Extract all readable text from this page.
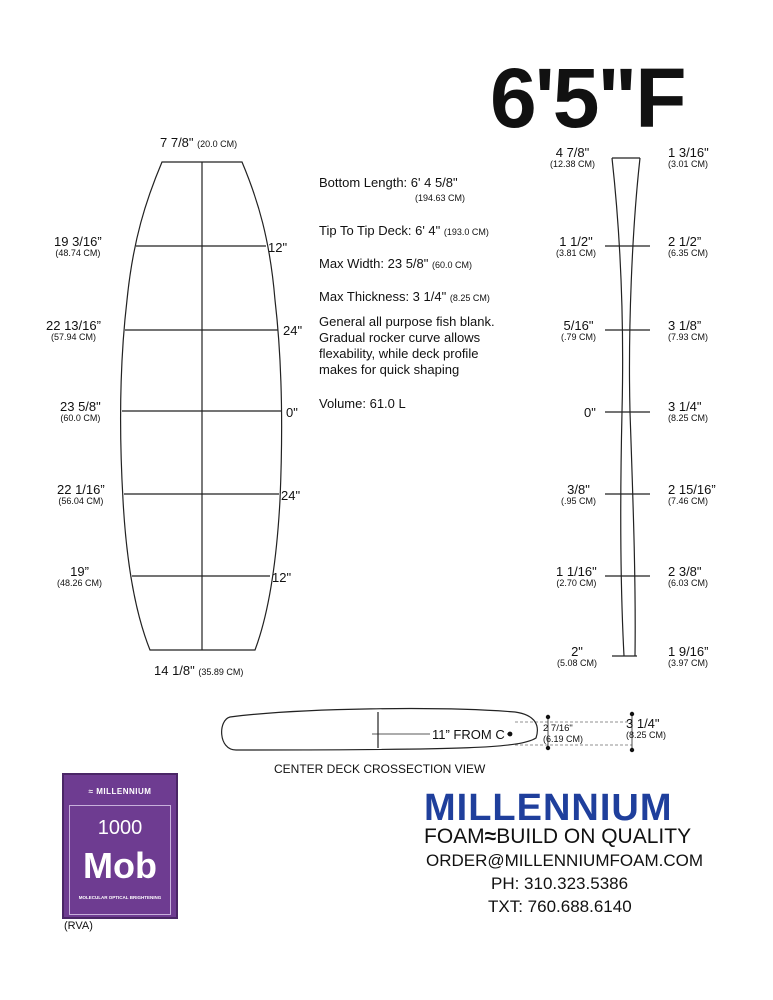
6'5"F
7 7/8" (20.0 CM)
14 1/8" (35.89 CM)
19 3/16”
(48.74 CM)	12"
22 13/16”
(57.94 CM)	24"
23 5/8"
(60.0 CM)	0"
22 1/16”
(56.04 CM)	24"
19”
(48.26 CM)	12"
Bottom Length: 6' 4 5/8"
(194.63 CM)
Tip To Tip Deck: 6' 4" (193.0 CM)
Max Width: 23 5/8" (60.0 CM)
Max Thickness: 3 1/4" (8.25 CM)
General all purpose fish blank.
Gradual rocker curve allows
flexability, while deck profile
makes for quick shaping
Volume: 61.0 L
4 7/8"
(12.38 CM)
1 1/2"
(3.81 CM)
5/16"
(.79 CM)
0"
3/8"
(.95 CM)
1 1/16"
(2.70 CM)
2"
(5.08 CM)
1 3/16"
(3.01 CM)
2 1/2”
(6.35 CM)
3 1/8”
(7.93 CM)
3 1/4"
(8.25 CM)
2 15/16”
(7.46 CM)
2 3/8"
(6.03 CM)
1 9/16”
(3.97 CM)
11” FROM C	2 7/16"
(6.19 CM)
3 1/4"
(8.25 CM)
CENTER DECK CROSSECTION VIEW
≈ MILLENNIUM
1000
Mob
MOLECULAR OPTICAL BRIGHTENING
(RVA)
MILLENNIUM
FOAM≈BUILD ON QUALITY
ORDER@MILLENNIUMFOAM.COM
PH: 310.323.5386
TXT: 760.688.6140
